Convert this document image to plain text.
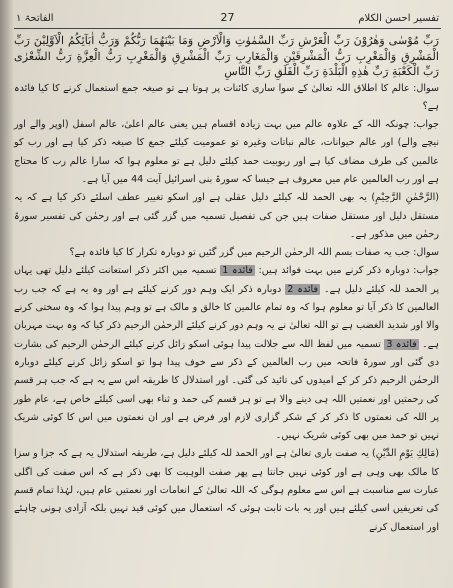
تفسیر احسن الکلام
27
الفاتحۃ ۱

رَبِّ مُوْسٰی وَهٰرُوْنَ رَبِّ الْعَرْشِ رَبِّ السَّمٰوٰتِ وَالْاَرْضِ وَمَا بَيْنَهُمَا رَبُّكُمْ وَرَبُّ اٰبَآئِكُمُ الْاَوَّلِيْنَ رَبِّ الْمَشْرِقِ وَالْمَغْرِبِ رَبُّ الْمَشْرِقَيْنِ وَالْمَغَارِبِ رَبِّ الْمَشْرِقِ وَالْمَغْرِبِ رَبُّ الْعِزَّةِ رَبُّ الشِّعْرٰى رَبِّ الْكَعْبَةِ رَبِّ هٰذِهِ الْبَلْدَةِ رَبِّ الْفَلَقِ رَبِّ النَّاسِ

سوال: عالم کا اطلاق اللہ تعالیٰ کے سوا ساری کائنات پر ہوتا ہے تو صیغہ جمع استعمال کرنے کا کیا فائدہ ہے؟

جواب: چونکہ اللہ کے علاوہ عالم میں بہت زیادہ اقسام ہیں یعنی عالم اعلیٰ، عالم اسفل (اوپر والے اور نیچے والے) اور عالم حیوانات، عالم نباتات وغیرہ تو عمومیت کیلئے جمع کا صیغہ ذکر کیا ہے اور رب کو عالمین کی طرف مضاف کیا ہے اور ربوبیت حمد کیلئے دلیل ہے تو معلوم ہوا کہ سارا عالم رب کا محتاج ہے اور رب العالمین عام میں معروف ہے جیسا کہ سورۃ بنی اسرائیل آیت 44 میں آیا ہے۔

(الرَّحْمٰنِ الرَّحِيْمِ) یہ بھی الحمد للہ کیلئے دلیل عقلی ہے اور اسکو تغییر عطف اسلئے ذکر کیا ہے کہ یہ مستقل دلیل اور مستقل صفات ہیں جن کی تفصیل تسمیہ میں گزر گئی ہے اور رحمٰن کی تفسیر سورۃ رحمٰن میں مذکور ہے۔

سوال: جب یہ صفات بسم اللہ الرحمٰن الرحیم میں گزر گئیں تو دوبارہ تکرار کا کیا فائدہ ہے؟

جواب: دوبارہ ذکر کرنے میں بہت فوائد ہیں: فائدہ 1 تسمیہ میں اکثر ذکر استعانت کیلئے دلیل تھی یہاں پر الحمد للہ کیلئے دلیل ہے۔ فائدہ 2 دوبارہ ذکر ایک وہم دور کرنے کیلئے ہے اور وہ یہ ہے کہ جب رب العالمین کا ذکر آیا تو معلوم ہوا کہ وہ تمام عالمین کا خالق و مالک ہے تو وہم پیدا ہوا کہ وہ سختی کرنے والا اور شدید الغضب ہے تو اللہ تعالیٰ نے یہ وہم دور کرنے کیلئے الرحمٰن الرحیم ذکر کیا کہ وہ بہت مہربان ہے۔ فائدہ 3 تسمیہ میں لفظ اللہ سے جلالت پیدا ہوئی اسکو زائل کرنے کیلئے الرحمٰن الرحیم کی بشارت دی گئی اور سورۃ فاتحہ میں رب العالمین کے ذکر سے خوف پیدا ہوا تو اسکو زائل کرنے کیلئے دوبارہ الرحمٰن الرحیم ذکر کر کے امیدوں کی تائید کی گئی۔ اور استدلال کا طریقہ اس سے یہ ہے کہ جب ہر قسم کی رحمتیں اور نعمتیں اللہ ہی دینے والا ہے تو ہر قسم کی حمد و ثناء بھی اسی کیلئے خاص ہے، عام طور پر اللہ کی نعمتوں کا ذکر کر کے شکر گزاری لازم اور فرض ہے اور ان نعمتوں میں اس کا کوئی شریک نہیں تو حمد میں بھی کوئی شریک نہیں۔

(مَالِكِ يَوْمِ الدِّيْنِ) یہ صفت باری تعالیٰ ہے اور الحمد للہ کیلئے دلیل ہے، طریقہ استدلال یہ ہے کہ جزا و سزا کا مالک بھی وہی ہے اور کوئی نہیں جانتا ہے پھر صفت الوہیت کا بھی ذکر ہے کہ اس صفت کی اگلی عبارت سے مناسبت ہے اس سے معلوم ہوگی کہ اللہ تعالیٰ کے انعامات اور نعمتیں عام ہیں، لہٰذا تمام قسم کی تعریفیں اسی کیلئے ہیں اور یہ بات ثابت ہوئی کہ استعمال میں کوئی قید نہیں بلکہ آزادی ہونی چاہئے اور استعمال کرنے
